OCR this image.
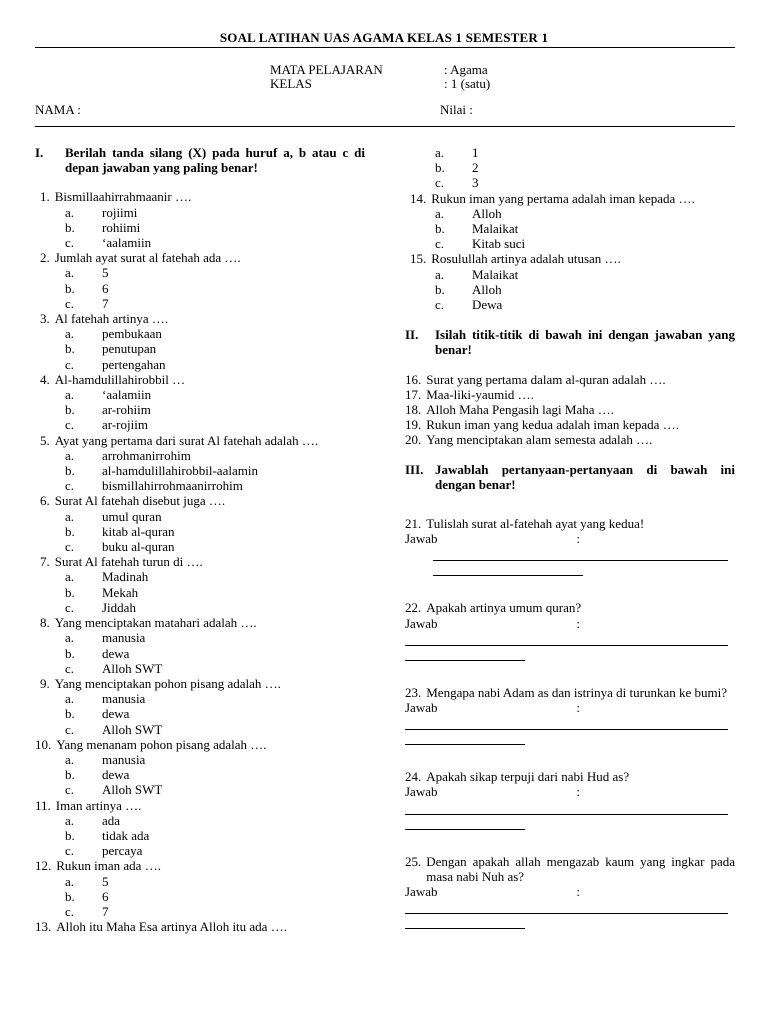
SOAL LATIHAN UAS AGAMA KELAS 1 SEMESTER 1
MATA PELAJARAN	: Agama
KELAS	: 1 (satu)
NAMA :	Nilai :
I.	Berilah tanda silang (X) pada huruf a, b atau c di depan jawaban yang paling benar!
1. Bismillaahirrahmaanir ….
a.	rojiimi
b.	rohiimi
c.	‘aalamiin
2. Jumlah ayat surat al fatehah ada ….
a.	5
b.	6
c.	7
3. Al fatehah artinya ….
a.	pembukaan
b.	penutupan
c.	pertengahan
4. Al-hamdulillahirobbil …
a.	‘aalamiin
b.	ar-rohiim
c.	ar-rojiim
5. Ayat yang pertama dari surat Al fatehah adalah ….
a.	arrohmanirrohim
b.	al-hamdulillahirobbil-aalamin
c.	bismillahirrohmaanirrohim
6. Surat Al fatehah disebut juga ….
a.	umul quran
b.	kitab al-quran
c.	buku al-quran
7. Surat Al fatehah turun di ….
a.	Madinah
b.	Mekah
c.	Jiddah
8. Yang menciptakan matahari adalah ….
a.	manusia
b.	dewa
c.	Alloh SWT
9. Yang menciptakan pohon pisang adalah ….
a.	manusia
b.	dewa
c.	Alloh SWT
10. Yang menanam pohon pisang adalah ….
a.	manusia
b.	dewa
c.	Alloh SWT
11. Iman artinya ….
a.	ada
b.	tidak ada
c.	percaya
12. Rukun iman ada ….
a.	5
b.	6
c.	7
13. Alloh itu Maha Esa artinya Alloh itu ada ….
a.	1
b.	2
c.	3
14. Rukun iman yang pertama adalah iman kepada ….
a.	Alloh
b.	Malaikat
c.	Kitab suci
15. Rosulullah artinya adalah utusan ….
a.	Malaikat
b.	Alloh
c.	Dewa
II.	Isilah titik-titik di bawah ini dengan jawaban yang benar!
16. Surat yang pertama dalam al-quran adalah ….
17. Maa-liki-yaumid ….
18. Alloh Maha Pengasih lagi Maha ….
19. Rukun iman yang kedua adalah iman kepada ….
20. Yang menciptakan alam semesta adalah ….
III. Jawablah pertanyaan-pertanyaan di bawah ini dengan benar!
21. Tulislah surat al-fatehah ayat yang kedua!
Jawab	:
22. Apakah artinya umum quran?
Jawab	:
23. Mengapa nabi Adam as dan istrinya di turunkan ke bumi?
Jawab	:
24. Apakah sikap terpuji dari nabi Hud as?
Jawab	:
25. Dengan apakah allah mengazab kaum yang ingkar pada masa nabi Nuh as?
Jawab	:
